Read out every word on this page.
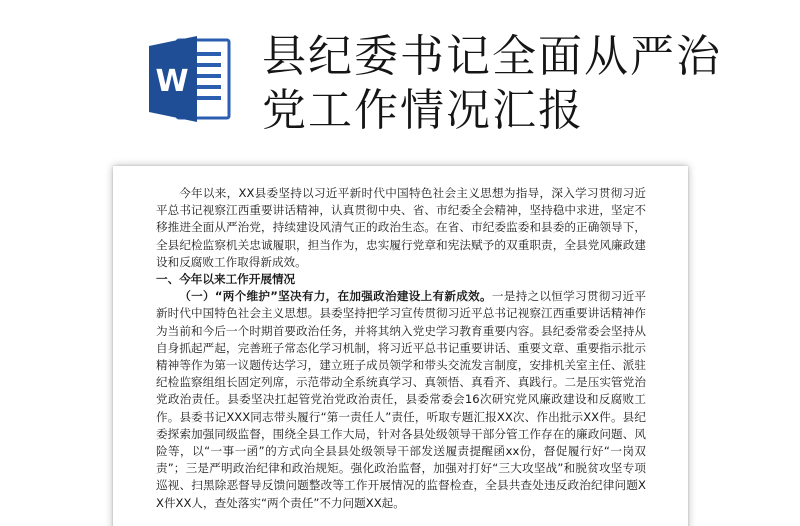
W 县纪委书记全面从严治党工作情况汇报

今年以来，XX县委坚持以习近平新时代中国特色社会主义思想为指导，深入学习贯彻习近平总书记视察江西重要讲话精神，认真贯彻中央、省、市纪委全会精神，坚持稳中求进，坚定不移推进全面从严治党，持续建设风清气正的政治生态。在省、市纪委监委和县委的正确领导下，全县纪检监察机关忠诚履职，担当作为，忠实履行党章和宪法赋予的双重职责，全县党风廉政建设和反腐败工作取得新成效。

一、今年以来工作开展情况

（一）“两个维护”坚决有力，在加强政治建设上有新成效。一是持之以恒学习贯彻习近平新时代中国特色社会主义思想。县委坚持把学习宣传贯彻习近平总书记视察江西重要讲话精神作为当前和今后一个时期首要政治任务，并将其纳入党史学习教育重要内容。县纪委常委会坚持从自身抓起严起，完善班子常态化学习机制，将习近平总书记重要讲话、重要文章、重要指示批示精神等作为第一议题传达学习，建立班子成员领学和带头交流发言制度，安排机关室主任、派驻纪检监察组组长固定列席，示范带动全系统真学习、真领悟、真看齐、真践行。二是压实管党治党政治责任。县委坚决扛起管党治党政治责任，县委常委会16次研究党风廉政建设和反腐败工作。县委书记XXX同志带头履行“第一责任人”责任，听取专题汇报XX次、作出批示XX件。县纪委探索加强同级监督，围绕全县工作大局，针对各县处级领导干部分管工作存在的廉政问题、风险等，以“一事一函”的方式向全县县处级领导干部发送履责提醒函xx份，督促履行好“一岗双责”；三是严明政治纪律和政治规矩。强化政治监督，加强对打好“三大攻坚战”和脱贫攻坚专项巡视、扫黑除恶督导反馈问题整改等工作开展情况的监督检查，全县共查处违反政治纪律问题XX件XX人，查处落实“两个责任”不力问题XX起。
